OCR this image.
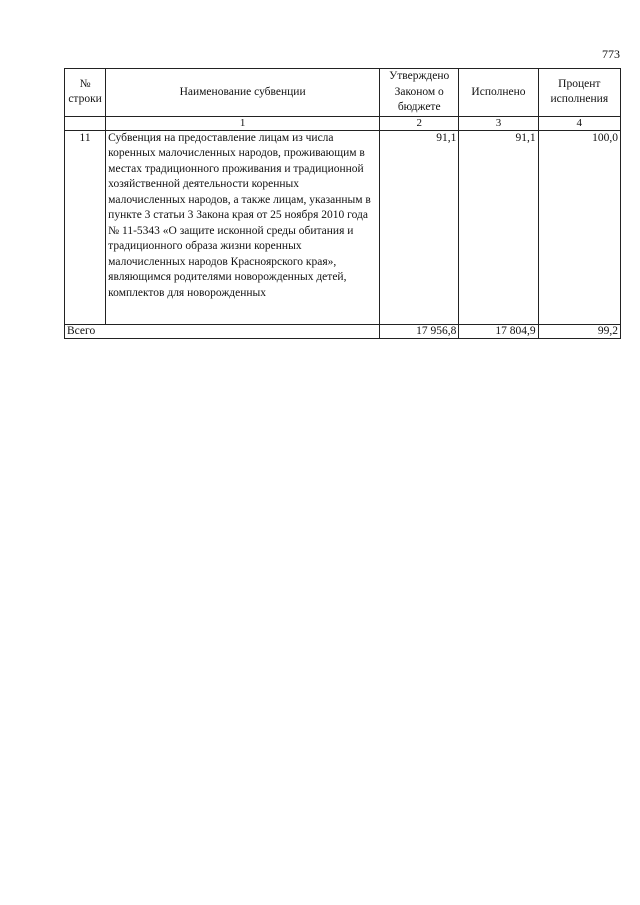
773
№ строки	Наименование субвенции	Утверждено Законом о бюджете	Исполнено	Процент исполнения
	1	2	3	4
11	Субвенция на предоставление лицам из числа коренных малочисленных народов, проживающим в местах традиционного проживания и традиционной хозяйственной деятельности коренных малочисленных народов, а также лицам, указанным в пункте 3 статьи 3 Закона края от 25 ноября 2010 года № 11-5343 «О защите исконной среды обитания и традиционного образа жизни коренных малочисленных народов Красноярского края», являющимся родителями новорожденных детей, комплектов для новорожденных	91,1	91,1	100,0
Всего		17 956,8	17 804,9	99,2
